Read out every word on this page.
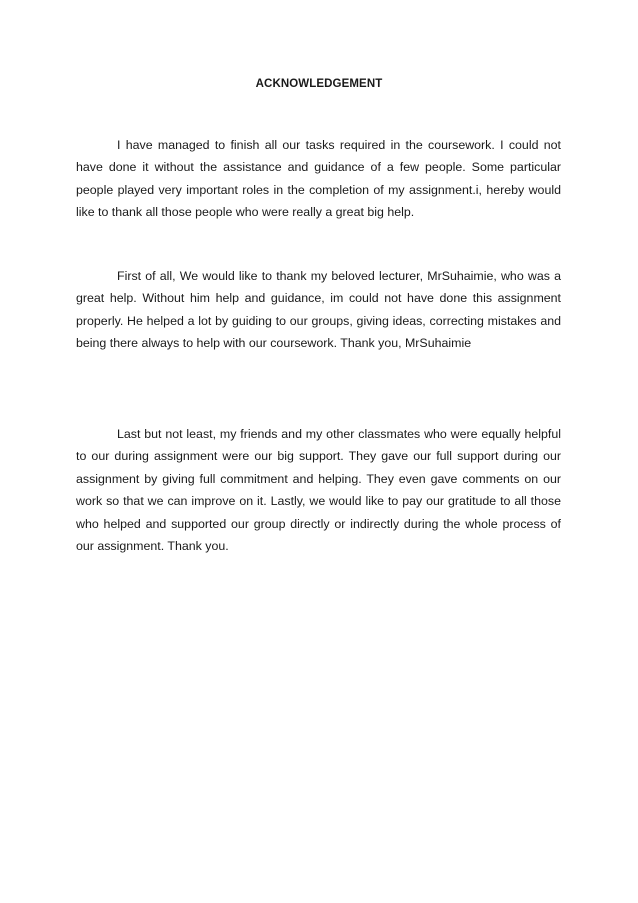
ACKNOWLEDGEMENT

I have managed to finish all our tasks required in the coursework. I could not have done it without the assistance and guidance of a few people. Some particular people played very important roles in the completion of my assignment.i, hereby would like to thank all those people who were really a great big help.

First of all, We would like to thank my beloved lecturer, MrSuhaimie, who was a great help. Without him help and guidance, im could not have done this assignment properly. He helped a lot by guiding to our groups, giving ideas, correcting mistakes and being there always to help with our coursework. Thank you, MrSuhaimie

Last but not least, my friends and my other classmates who were equally helpful to our during assignment were our big support. They gave our full support during our assignment by giving full commitment and helping. They even gave comments on our work so that we can improve on it. Lastly, we would like to pay our gratitude to all those who helped and supported our group directly or indirectly during the whole process of our assignment. Thank you.
